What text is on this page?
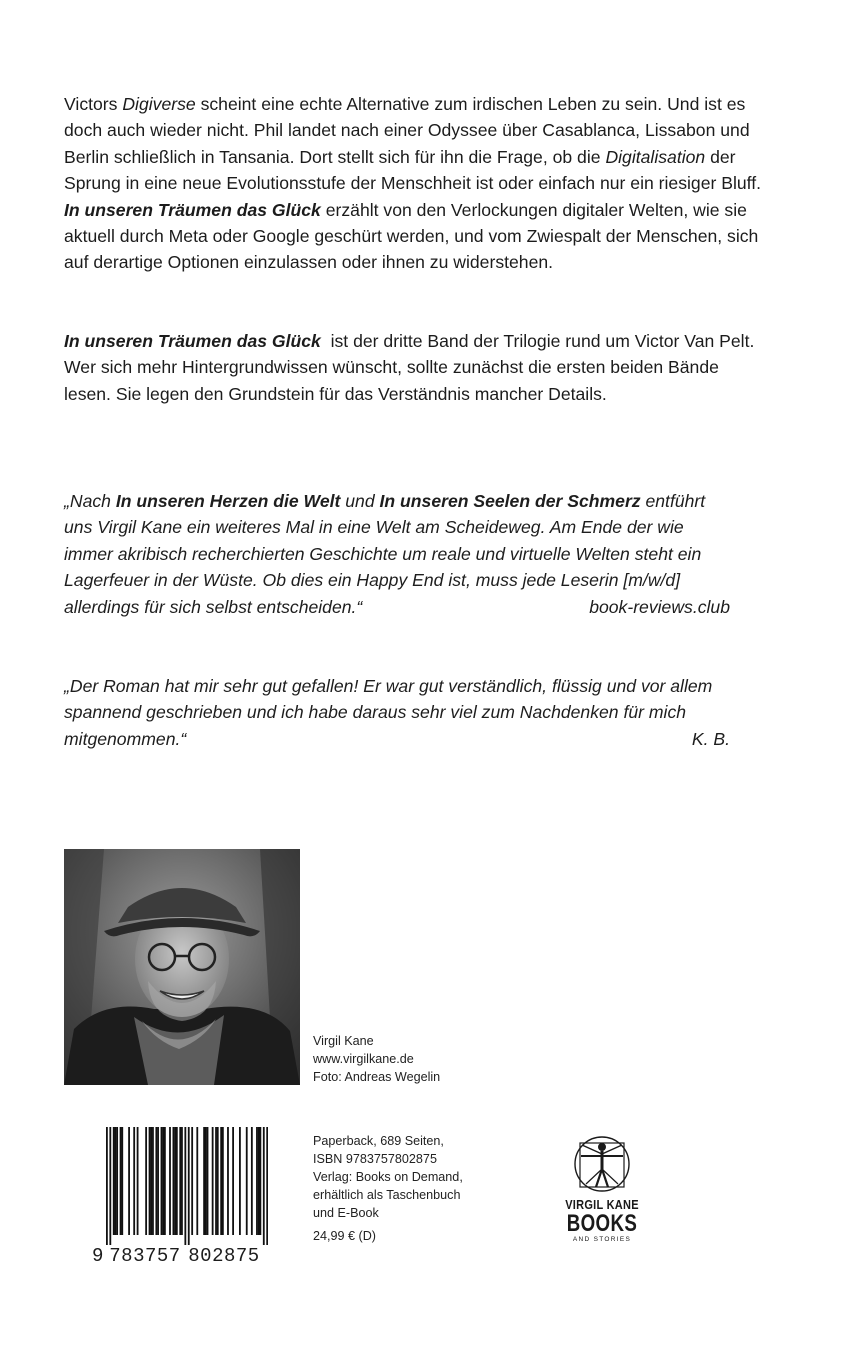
Victors Digiverse scheint eine echte Alternative zum irdischen Leben zu sein. Und ist es doch auch wieder nicht. Phil landet nach einer Odyssee über Casablanca, Lissabon und Berlin schließlich in Tansania. Dort stellt sich für ihn die Frage, ob die Digitalisation der Sprung in eine neue Evolutionsstufe der Menschheit ist oder einfach nur ein riesiger Bluff. In unseren Träumen das Glück erzählt von den Verlockungen digitaler Welten, wie sie aktuell durch Meta oder Google geschürt werden, und vom Zwiespalt der Menschen, sich auf derartige Optionen einzulassen oder ihnen zu widerstehen.

In unseren Träumen das Glück  ist der dritte Band der Trilogie rund um Victor Van Pelt. Wer sich mehr Hintergrundwissen wünscht, sollte zunächst die ersten beiden Bände lesen. Sie legen den Grundstein für das Verständnis mancher Details.

„Nach In unseren Herzen die Welt und In unseren Seelen der Schmerz entführt uns Virgil Kane ein weiteres Mal in eine Welt am Scheideweg. Am Ende der wie immer akribisch recherchierten Geschichte um reale und virtuelle Welten steht ein Lagerfeuer in der Wüste. Ob dies ein Happy End ist, muss jede Leserin [m/w/d]
allerdings für sich selbst entscheiden.“	book-reviews.club
„Der Roman hat mir sehr gut gefallen! Er war gut verständlich, flüssig und vor allem spannend geschrieben und ich habe daraus sehr viel zum Nachdenken für mich
mitgenommen.“	K. B.
Virgil Kane
www.virgilkane.de
Foto: Andreas Wegelin
9 783757 802875
Paperback, 689 Seiten,
ISBN 9783757802875
Verlag: Books on Demand,
erhältlich als Taschenbuch
und E-Book
24,99 € (D)
VIRGIL KANE
BOOKS
AND STORIES
